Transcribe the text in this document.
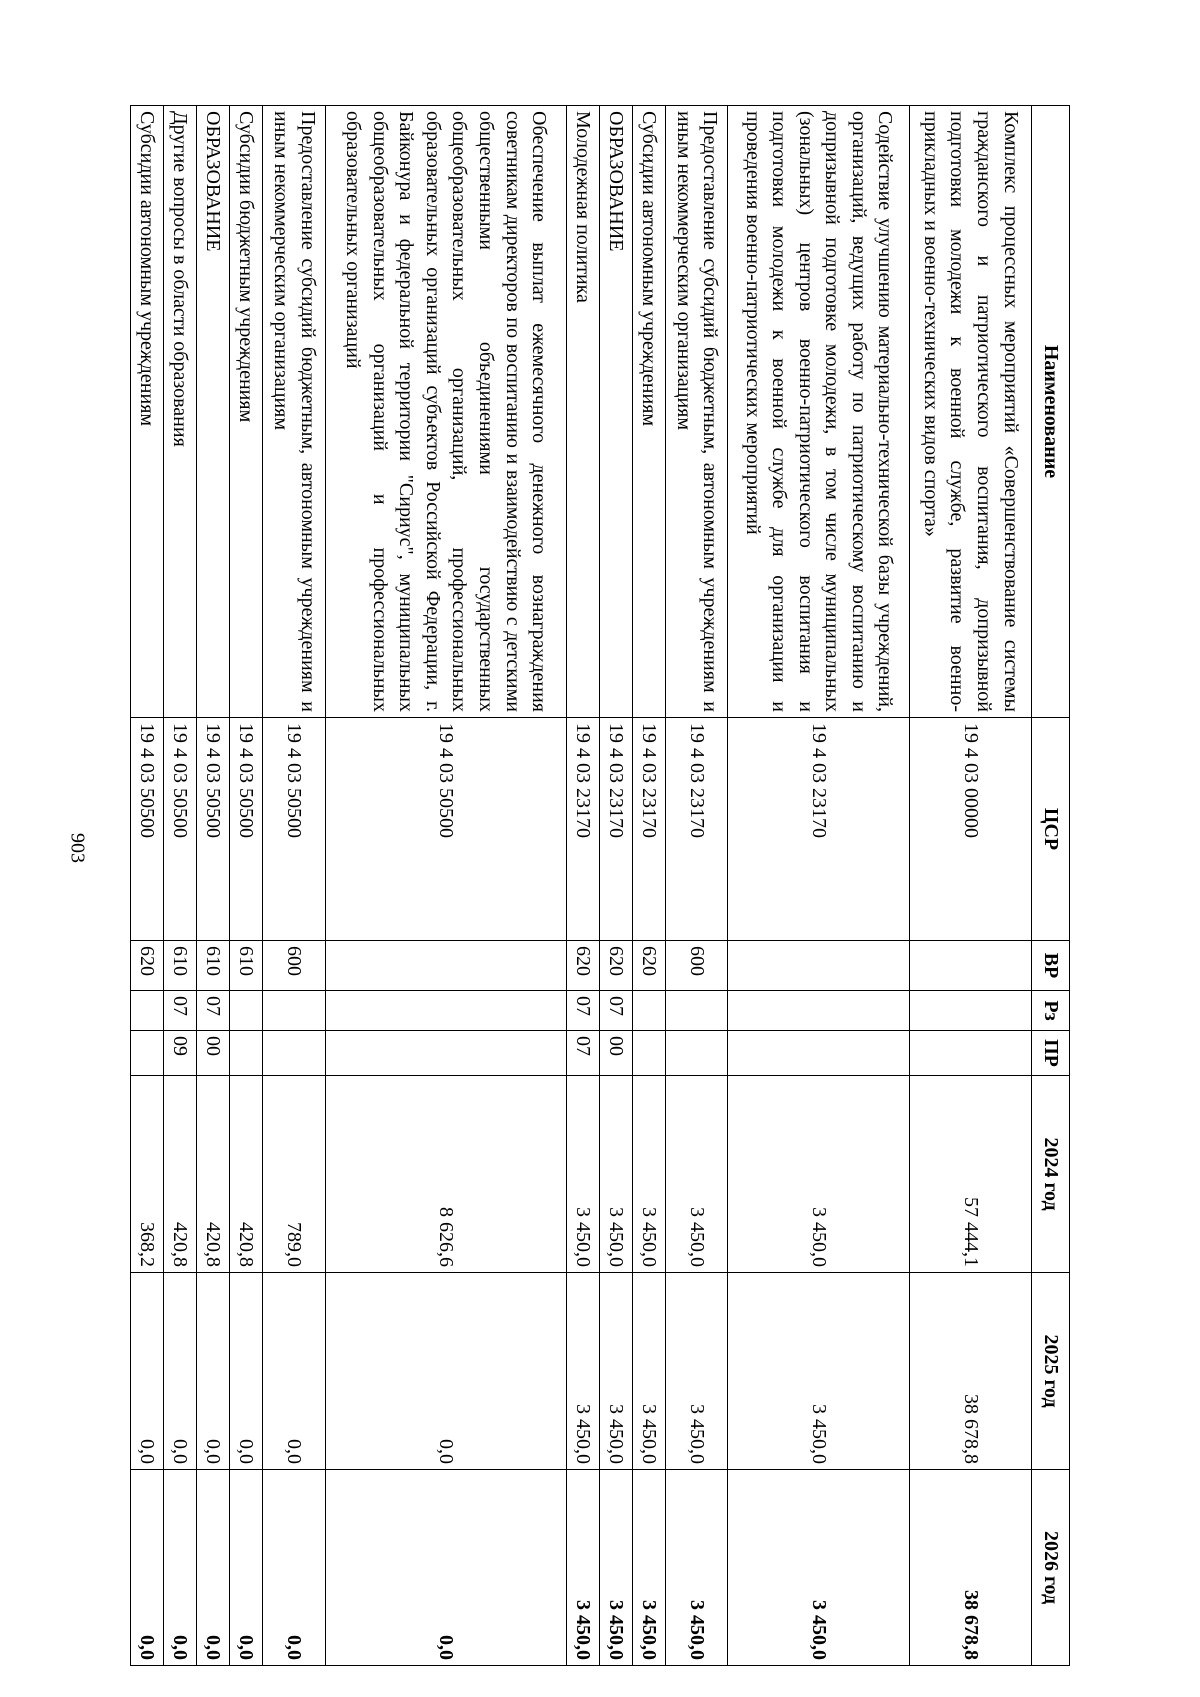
903
Наименование	ЦСР	ВР	Рз	ПР	2024 год	2025 год	2026 год
Комплекс процессных мероприятий «Совершенствование системы гражданского и патриотического воспитания, допризывной подготовки молодежи к военной службе, развитие военно-прикладных и военно-технических видов спорта»	19 4 03 00000				57 444,1	38 678,8	38 678,8
Содействие улучшению материально-технической базы учреждений, организаций, ведущих работу по патриотическому воспитанию и допризывной подготовке молодежи, в том числе муниципальных (зональных) центров военно-патриотического воспитания и подготовки молодежи к военной службе для организации и проведения военно-патриотических мероприятий	19 4 03 23170				3 450,0	3 450,0	3 450,0
Предоставление субсидий бюджетным, автономным учреждениям и иным некоммерческим организациям	19 4 03 23170	600			3 450,0	3 450,0	3 450,0
Субсидии автономным учреждениям	19 4 03 23170	620			3 450,0	3 450,0	3 450,0
ОБРАЗОВАНИЕ	19 4 03 23170	620	07	00	3 450,0	3 450,0	3 450,0
Молодежная политика	19 4 03 23170	620	07	07	3 450,0	3 450,0	3 450,0
Обеспечение выплат ежемесячного денежного вознаграждения советникам директоров по воспитанию и взаимодействию с детскими общественными объединениями государственных общеобразовательных организаций, профессиональных образовательных организаций субъектов Российской Федерации, г. Байконура и федеральной территории "Сириус", муниципальных общеобразовательных организаций и профессиональных образовательных организаций	19 4 03 50500				8 626,6	0,0	0,0
Предоставление субсидий бюджетным, автономным учреждениям и иным некоммерческим организациям	19 4 03 50500	600			789,0	0,0	0,0
Субсидии бюджетным учреждениям	19 4 03 50500	610			420,8	0,0	0,0
ОБРАЗОВАНИЕ	19 4 03 50500	610	07	00	420,8	0,0	0,0
Другие вопросы в области образования	19 4 03 50500	610	07	09	420,8	0,0	0,0
Субсидии автономным учреждениям	19 4 03 50500	620			368,2	0,0	0,0
